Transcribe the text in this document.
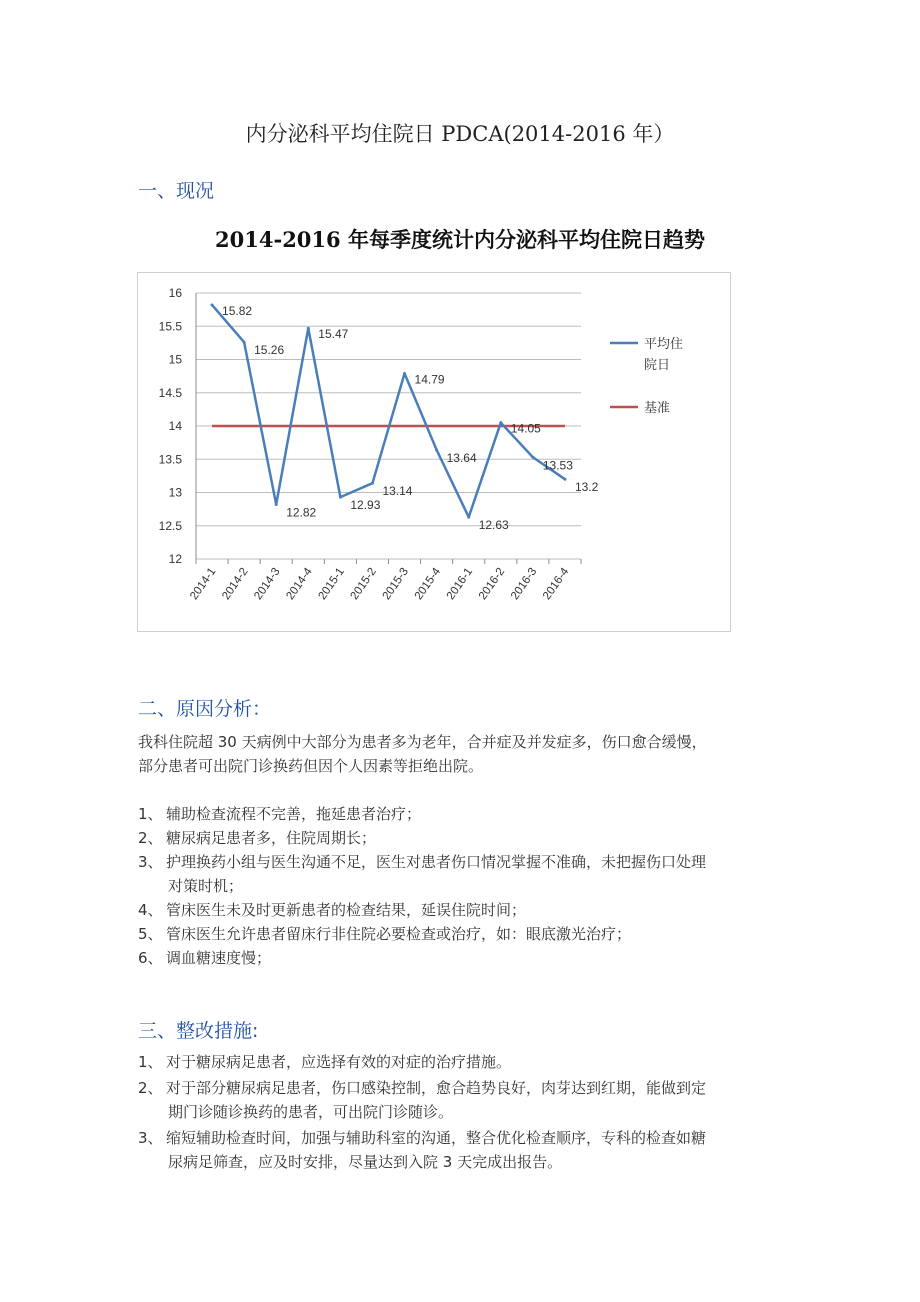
内分泌科平均住院日 PDCA(2014-2016 年）
一、现况
2014-2016 年每季度统计内分泌科平均住院日趋势
16
15.5
15
14.5
14
13.5
13
12.5
12
2014-1 2014-2 2014-3 2014-4 2015-1 2015-2 2015-3 2015-4 2016-1 2016-2 2016-3 2016-4
15.82
15.26
12.82
15.47
12.93
13.14
14.79
13.64
12.63
14.05
13.53
13.2
平均住
院日
基准
二、原因分析：
我科住院超 30 天病例中大部分为患者多为老年，合并症及并发症多，伤口愈合缓慢，
部分患者可出院门诊换药但因个人因素等拒绝出院。
1、 辅助检查流程不完善，拖延患者治疗；
2、 糖尿病足患者多，住院周期长；
3、 护理换药小组与医生沟通不足，医生对患者伤口情况掌握不准确，未把握伤口处理
对策时机；
4、 管床医生未及时更新患者的检查结果，延误住院时间；
5、 管床医生允许患者留床行非住院必要检查或治疗，如：眼底激光治疗；
6、 调血糖速度慢；
三、整改措施:
1、 对于糖尿病足患者，应选择有效的对症的治疗措施。
2、 对于部分糖尿病足患者，伤口感染控制，愈合趋势良好，肉芽达到红期，能做到定
期门诊随诊换药的患者，可出院门诊随诊。
3、 缩短辅助检查时间，加强与辅助科室的沟通，整合优化检查顺序，专科的检查如糖
尿病足筛查，应及时安排，尽量达到入院 3 天完成出报告。
